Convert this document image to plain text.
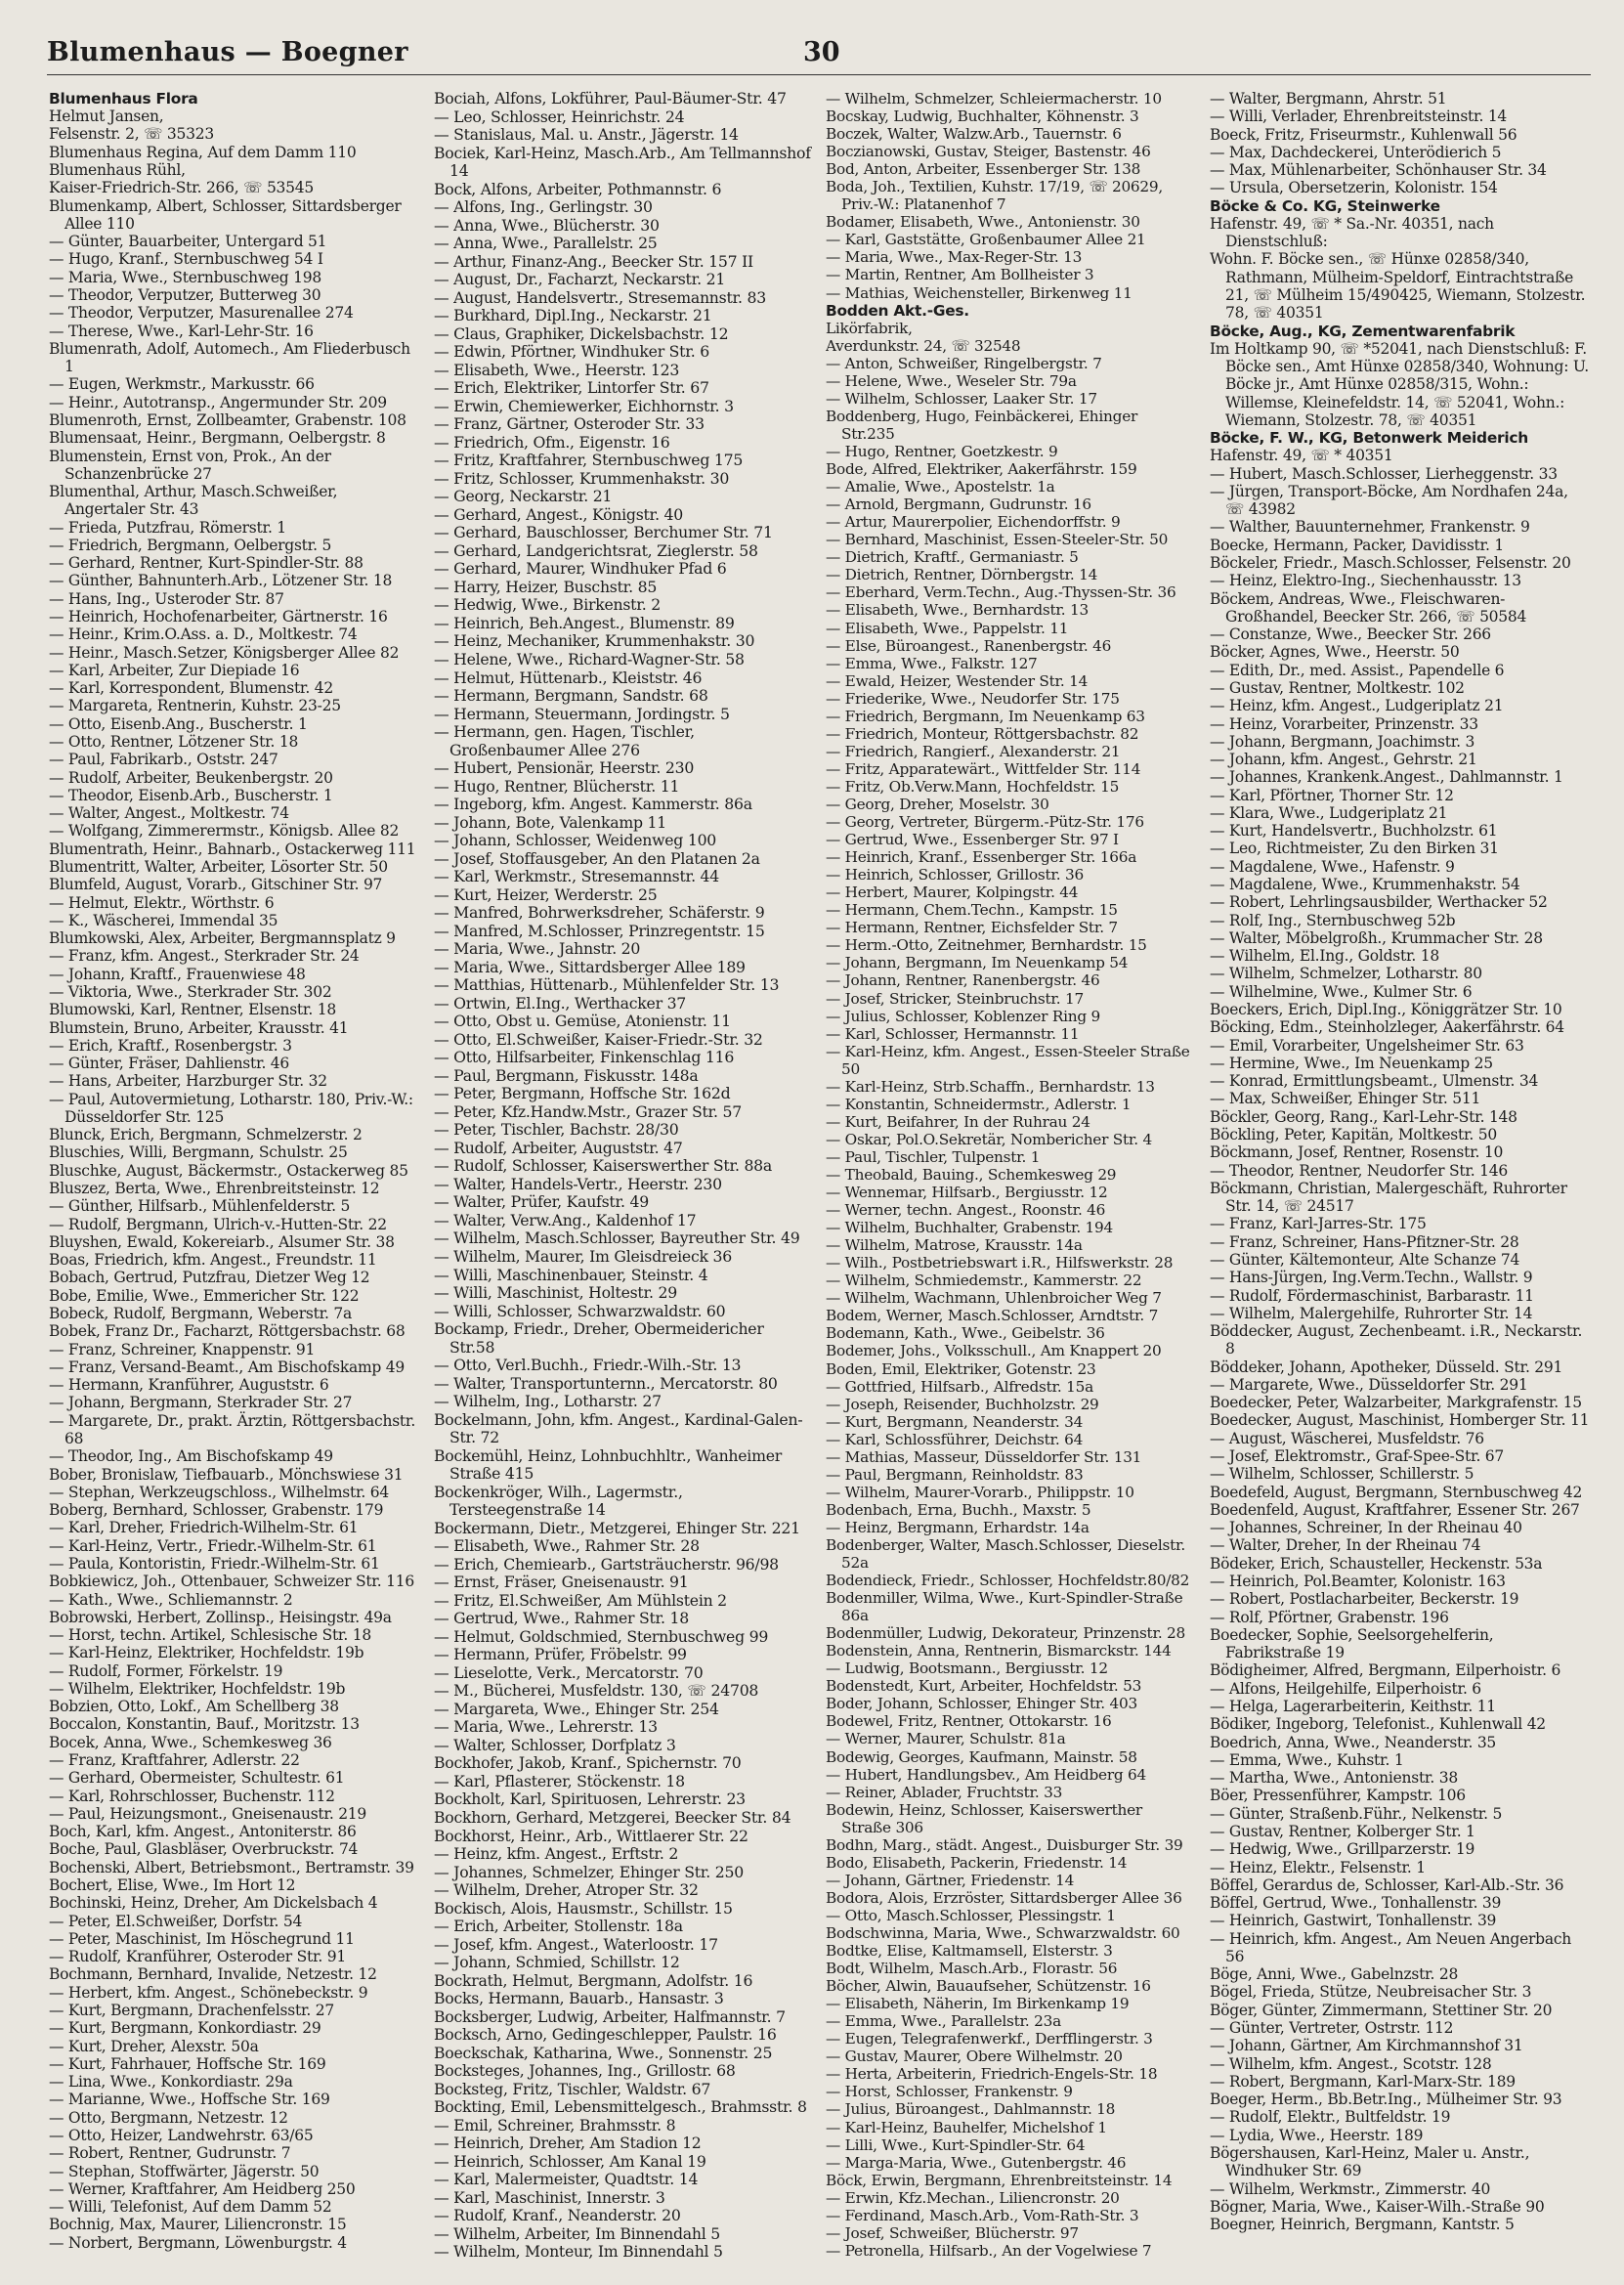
Blumenhaus — Boegner	30
Blumenhaus Flora
Helmut Jansen,
Felsenstr. 2, ☏ 35323
Blumenhaus Regina, Auf dem Damm 110
Blumenhaus Rühl,
Kaiser-Friedrich-Str. 266, ☏ 53545
Blumenkamp, Albert, Schlosser, Sittardsberger Allee 110
— Günter, Bauarbeiter, Untergard 51
— Hugo, Kranf., Sternbuschweg 54 I
— Maria, Wwe., Sternbuschweg 198
— Theodor, Verputzer, Butterweg 30
— Theodor, Verputzer, Masurenallee 274
— Therese, Wwe., Karl-Lehr-Str. 16
Blumenrath, Adolf, Automech., Am Fliederbusch 1
— Eugen, Werkmstr., Markusstr. 66
— Heinr., Autotransp., Angermunder Str. 209
Blumenroth, Ernst, Zollbeamter, Grabenstr. 108
Blumensaat, Heinr., Bergmann, Oelbergstr. 8
Blumenstein, Ernst von, Prok., An der Schanzenbrücke 27
Blumenthal, Arthur, Masch.Schweißer, Angertaler Str. 43
— Frieda, Putzfrau, Römerstr. 1
— Friedrich, Bergmann, Oelbergstr. 5
— Gerhard, Rentner, Kurt-Spindler-Str. 88
— Günther, Bahnunterh.Arb., Lötzener Str. 18
— Hans, Ing., Usteroder Str. 87
— Heinrich, Hochofenarbeiter, Gärtnerstr. 16
— Heinr., Krim.O.Ass. a. D., Moltkestr. 74
— Heinr., Masch.Setzer, Königsberger Allee 82
— Karl, Arbeiter, Zur Diepiade 16
— Karl, Korrespondent, Blumenstr. 42
— Margareta, Rentnerin, Kuhstr. 23-25
— Otto, Eisenb.Ang., Buscherstr. 1
— Otto, Rentner, Lötzener Str. 18
— Paul, Fabrikarb., Oststr. 247
— Rudolf, Arbeiter, Beukenbergstr. 20
— Theodor, Eisenb.Arb., Buscherstr. 1
— Walter, Angest., Moltkestr. 74
— Wolfgang, Zimmerermstr., Königsb. Allee 82
Blumentrath, Heinr., Bahnarb., Ostackerweg 111
Blumentritt, Walter, Arbeiter, Lösorter Str. 50
Blumfeld, August, Vorarb., Gitschiner Str. 97
— Helmut, Elektr., Wörthstr. 6
— K., Wäscherei, Immendal 35
Blumkowski, Alex, Arbeiter, Bergmannsplatz 9
— Franz, kfm. Angest., Sterkrader Str. 24
— Johann, Kraftf., Frauenwiese 48
— Viktoria, Wwe., Sterkrader Str. 302
Blumowski, Karl, Rentner, Elsenstr. 18
Blumstein, Bruno, Arbeiter, Krausstr. 41
— Erich, Kraftf., Rosenbergstr. 3
— Günter, Fräser, Dahlienstr. 46
— Hans, Arbeiter, Harzburger Str. 32
— Paul, Autovermietung, Lotharstr. 180, Priv.-W.: Düsseldorfer Str. 125
Blunck, Erich, Bergmann, Schmelzerstr. 2
Bluschies, Willi, Bergmann, Schulstr. 25
Bluschke, August, Bäckermstr., Ostackerweg 85
Bluszez, Berta, Wwe., Ehrenbreitsteinstr. 12
— Günther, Hilfsarb., Mühlenfelderstr. 5
— Rudolf, Bergmann, Ulrich-v.-Hutten-Str. 22
Bluyshen, Ewald, Kokereiarb., Alsumer Str. 38
Boas, Friedrich, kfm. Angest., Freundstr. 11
Bobach, Gertrud, Putzfrau, Dietzer Weg 12
Bobe, Emilie, Wwe., Emmericher Str. 122
Bobeck, Rudolf, Bergmann, Weberstr. 7a
Bobek, Franz Dr., Facharzt, Röttgersbachstr. 68
— Franz, Schreiner, Knappenstr. 91
— Franz, Versand-Beamt., Am Bischofskamp 49
— Hermann, Kranführer, Auguststr. 6
— Johann, Bergmann, Sterkrader Str. 27
— Margarete, Dr., prakt. Ärztin, Röttgersbachstr. 68
— Theodor, Ing., Am Bischofskamp 49
Bober, Bronislaw, Tiefbauarb., Mönchswiese 31
— Stephan, Werkzeugschloss., Wilhelmstr. 64
Boberg, Bernhard, Schlosser, Grabenstr. 179
— Karl, Dreher, Friedrich-Wilhelm-Str. 61
— Karl-Heinz, Vertr., Friedr.-Wilhelm-Str. 61
— Paula, Kontoristin, Friedr.-Wilhelm-Str. 61
Bobkiewicz, Joh., Ottenbauer, Schweizer Str. 116
— Kath., Wwe., Schliemannstr. 2
Bobrowski, Herbert, Zollinsp., Heisingstr. 49a
— Horst, techn. Artikel, Schlesische Str. 18
— Karl-Heinz, Elektriker, Hochfeldstr. 19b
— Rudolf, Former, Förkelstr. 19
— Wilhelm, Elektriker, Hochfeldstr. 19b
Bobzien, Otto, Lokf., Am Schellberg 38
Boccalon, Konstantin, Bauf., Moritzstr. 13
Bocek, Anna, Wwe., Schemkesweg 36
— Franz, Kraftfahrer, Adlerstr. 22
— Gerhard, Obermeister, Schultestr. 61
— Karl, Rohrschlosser, Buchenstr. 112
— Paul, Heizungsmont., Gneisenaustr. 219
Boch, Karl, kfm. Angest., Antoniterstr. 86
Boche, Paul, Glasbläser, Overbruckstr. 74
Bochenski, Albert, Betriebsmont., Bertramstr. 39
Bochert, Elise, Wwe., Im Hort 12
Bochinski, Heinz, Dreher, Am Dickelsbach 4
— Peter, El.Schweißer, Dorfstr. 54
— Peter, Maschinist, Im Höschegrund 11
— Rudolf, Kranführer, Osteroder Str. 91
Bochmann, Bernhard, Invalide, Netzestr. 12
— Herbert, kfm. Angest., Schönebeckstr. 9
— Kurt, Bergmann, Drachenfelsstr. 27
— Kurt, Bergmann, Konkordiastr. 29
— Kurt, Dreher, Alexstr. 50a
— Kurt, Fahrhauer, Hoffsche Str. 169
— Lina, Wwe., Konkordiastr. 29a
— Marianne, Wwe., Hoffsche Str. 169
— Otto, Bergmann, Netzestr. 12
— Otto, Heizer, Landwehrstr. 63/65
— Robert, Rentner, Gudrunstr. 7
— Stephan, Stoffwärter, Jägerstr. 50
— Werner, Kraftfahrer, Am Heidberg 250
— Willi, Telefonist, Auf dem Damm 52
Bochnig, Max, Maurer, Liliencronstr. 15
— Norbert, Bergmann, Löwenburgstr. 4
Bociah, Alfons, Lokführer, Paul-Bäumer-Str. 47
— Leo, Schlosser, Heinrichstr. 24
— Stanislaus, Mal. u. Anstr., Jägerstr. 14
Bociek, Karl-Heinz, Masch.Arb., Am Tellmannshof 14
Bock, Alfons, Arbeiter, Pothmannstr. 6
— Alfons, Ing., Gerlingstr. 30
— Anna, Wwe., Blücherstr. 30
— Anna, Wwe., Parallelstr. 25
— Arthur, Finanz-Ang., Beecker Str. 157 II
— August, Dr., Facharzt, Neckarstr. 21
— August, Handelsvertr., Stresemannstr. 83
— Burkhard, Dipl.Ing., Neckarstr. 21
— Claus, Graphiker, Dickelsbachstr. 12
— Edwin, Pförtner, Windhuker Str. 6
— Elisabeth, Wwe., Heerstr. 123
— Erich, Elektriker, Lintorfer Str. 67
— Erwin, Chemiewerker, Eichhornstr. 3
— Franz, Gärtner, Osteroder Str. 33
— Friedrich, Ofm., Eigenstr. 16
— Fritz, Kraftfahrer, Sternbuschweg 175
— Fritz, Schlosser, Krummenhakstr. 30
— Georg, Neckarstr. 21
— Gerhard, Angest., Königstr. 40
— Gerhard, Bauschlosser, Berchumer Str. 71
— Gerhard, Landgerichtsrat, Zieglerstr. 58
— Gerhard, Maurer, Windhuker Pfad 6
— Harry, Heizer, Buschstr. 85
— Hedwig, Wwe., Birkenstr. 2
— Heinrich, Beh.Angest., Blumenstr. 89
— Heinz, Mechaniker, Krummenhakstr. 30
— Helene, Wwe., Richard-Wagner-Str. 58
— Helmut, Hüttenarb., Kleiststr. 46
— Hermann, Bergmann, Sandstr. 68
— Hermann, Steuermann, Jordingstr. 5
— Hermann, gen. Hagen, Tischler, Großenbaumer Allee 276
— Hubert, Pensionär, Heerstr. 230
— Hugo, Rentner, Blücherstr. 11
— Ingeborg, kfm. Angest. Kammerstr. 86a
— Johann, Bote, Valenkamp 11
— Johann, Schlosser, Weidenweg 100
— Josef, Stoffausgeber, An den Platanen 2a
— Karl, Werkmstr., Stresemannstr. 44
— Kurt, Heizer, Werderstr. 25
— Manfred, Bohrwerksdreher, Schäferstr. 9
— Manfred, M.Schlosser, Prinzregentstr. 15
— Maria, Wwe., Jahnstr. 20
— Maria, Wwe., Sittardsberger Allee 189
— Matthias, Hüttenarb., Mühlenfelder Str. 13
— Ortwin, El.Ing., Werthacker 37
— Otto, Obst u. Gemüse, Atonienstr. 11
— Otto, El.Schweißer, Kaiser-Friedr.-Str. 32
— Otto, Hilfsarbeiter, Finkenschlag 116
— Paul, Bergmann, Fiskusstr. 148a
— Peter, Bergmann, Hoffsche Str. 162d
— Peter, Kfz.Handw.Mstr., Grazer Str. 57
— Peter, Tischler, Bachstr. 28/30
— Rudolf, Arbeiter, Auguststr. 47
— Rudolf, Schlosser, Kaiserswerther Str. 88a
— Walter, Handels-Vertr., Heerstr. 230
— Walter, Prüfer, Kaufstr. 49
— Walter, Verw.Ang., Kaldenhof 17
— Wilhelm, Masch.Schlosser, Bayreuther Str. 49
— Wilhelm, Maurer, Im Gleisdreieck 36
— Willi, Maschinenbauer, Steinstr. 4
— Willi, Maschinist, Holtestr. 29
— Willi, Schlosser, Schwarzwaldstr. 60
Bockamp, Friedr., Dreher, Obermeidericher Str.58
— Otto, Verl.Buchh., Friedr.-Wilh.-Str. 13
— Walter, Transportunternn., Mercatorstr. 80
— Wilhelm, Ing., Lotharstr. 27
Bockelmann, John, kfm. Angest., Kardinal-Galen-Str. 72
Bockemühl, Heinz, Lohnbuchhltr., Wanheimer Straße 415
Bockenkröger, Wilh., Lagermstr., Tersteegenstraße 14
Bockermann, Dietr., Metzgerei, Ehinger Str. 221
— Elisabeth, Wwe., Rahmer Str. 28
— Erich, Chemiearb., Gartsträucherstr. 96/98
— Ernst, Fräser, Gneisenaustr. 91
— Fritz, El.Schweißer, Am Mühlstein 2
— Gertrud, Wwe., Rahmer Str. 18
— Helmut, Goldschmied, Sternbuschweg 99
— Hermann, Prüfer, Fröbelstr. 99
— Lieselotte, Verk., Mercatorstr. 70
— M., Bücherei, Musfeldstr. 130, ☏ 24708
— Margareta, Wwe., Ehinger Str. 254
— Maria, Wwe., Lehrerstr. 13
— Walter, Schlosser, Dorfplatz 3
Bockhofer, Jakob, Kranf., Spichernstr. 70
— Karl, Pflasterer, Stöckenstr. 18
Bockholt, Karl, Spirituosen, Lehrerstr. 23
Bockhorn, Gerhard, Metzgerei, Beecker Str. 84
Bockhorst, Heinr., Arb., Wittlaerer Str. 22
— Heinz, kfm. Angest., Erftstr. 2
— Johannes, Schmelzer, Ehinger Str. 250
— Wilhelm, Dreher, Atroper Str. 32
Bockisch, Alois, Hausmstr., Schillstr. 15
— Erich, Arbeiter, Stollenstr. 18a
— Josef, kfm. Angest., Waterloostr. 17
— Johann, Schmied, Schillstr. 12
Bockrath, Helmut, Bergmann, Adolfstr. 16
Bocks, Hermann, Bauarb., Hansastr. 3
Bocksberger, Ludwig, Arbeiter, Halfmannstr. 7
Bocksch, Arno, Gedingeschlepper, Paulstr. 16
Boeckschak, Katharina, Wwe., Sonnenstr. 25
Bocksteges, Johannes, Ing., Grillostr. 68
Bocksteg, Fritz, Tischler, Waldstr. 67
Bockting, Emil, Lebensmittelgesch., Brahmsstr. 8
— Emil, Schreiner, Brahmsstr. 8
— Heinrich, Dreher, Am Stadion 12
— Heinrich, Schlosser, Am Kanal 19
— Karl, Malermeister, Quadtstr. 14
— Karl, Maschinist, Innerstr. 3
— Rudolf, Kranf., Neanderstr. 20
— Wilhelm, Arbeiter, Im Binnendahl 5
— Wilhelm, Monteur, Im Binnendahl 5
— Wilhelm, Schmelzer, Schleiermacherstr. 10
Bocskay, Ludwig, Buchhalter, Köhnenstr. 3
Boczek, Walter, Walzw.Arb., Tauernstr. 6
Boczianowski, Gustav, Steiger, Bastenstr. 46
Bod, Anton, Arbeiter, Essenberger Str. 138
Boda, Joh., Textilien, Kuhstr. 17/19, ☏ 20629, Priv.-W.: Platanenhof 7
Bodamer, Elisabeth, Wwe., Antonienstr. 30
— Karl, Gaststätte, Großenbaumer Allee 21
— Maria, Wwe., Max-Reger-Str. 13
— Martin, Rentner, Am Bollheister 3
— Mathias, Weichensteller, Birkenweg 11
Bodden Akt.-Ges.
Likörfabrik,
Averdunkstr. 24, ☏ 32548
— Anton, Schweißer, Ringelbergstr. 7
— Helene, Wwe., Weseler Str. 79a
— Wilhelm, Schlosser, Laaker Str. 17
Boddenberg, Hugo, Feinbäckerei, Ehinger Str.235
— Hugo, Rentner, Goetzkestr. 9
Bode, Alfred, Elektriker, Aakerfährstr. 159
— Amalie, Wwe., Apostelstr. 1a
— Arnold, Bergmann, Gudrunstr. 16
— Artur, Maurerpolier, Eichendorffstr. 9
— Bernhard, Maschinist, Essen-Steeler-Str. 50
— Dietrich, Kraftf., Germaniastr. 5
— Dietrich, Rentner, Dörnbergstr. 14
— Eberhard, Verm.Techn., Aug.-Thyssen-Str. 36
— Elisabeth, Wwe., Bernhardstr. 13
— Elisabeth, Wwe., Pappelstr. 11
— Else, Büroangest., Ranenbergstr. 46
— Emma, Wwe., Falkstr. 127
— Ewald, Heizer, Westender Str. 14
— Friederike, Wwe., Neudorfer Str. 175
— Friedrich, Bergmann, Im Neuenkamp 63
— Friedrich, Monteur, Röttgersbachstr. 82
— Friedrich, Rangierf., Alexanderstr. 21
— Fritz, Apparatewärt., Wittfelder Str. 114
— Fritz, Ob.Verw.Mann, Hochfeldstr. 15
— Georg, Dreher, Moselstr. 30
— Georg, Vertreter, Bürgerm.-Pütz-Str. 176
— Gertrud, Wwe., Essenberger Str. 97 I
— Heinrich, Kranf., Essenberger Str. 166a
— Heinrich, Schlosser, Grillostr. 36
— Herbert, Maurer, Kolpingstr. 44
— Hermann, Chem.Techn., Kampstr. 15
— Hermann, Rentner, Eichsfelder Str. 7
— Herm.-Otto, Zeitnehmer, Bernhardstr. 15
— Johann, Bergmann, Im Neuenkamp 54
— Johann, Rentner, Ranenbergstr. 46
— Josef, Stricker, Steinbruchstr. 17
— Julius, Schlosser, Koblenzer Ring 9
— Karl, Schlosser, Hermannstr. 11
— Karl-Heinz, kfm. Angest., Essen-Steeler Straße 50
— Karl-Heinz, Strb.Schaffn., Bernhardstr. 13
— Konstantin, Schneidermstr., Adlerstr. 1
— Kurt, Beifahrer, In der Ruhrau 24
— Oskar, Pol.O.Sekretär, Nombericher Str. 4
— Paul, Tischler, Tulpenstr. 1
— Theobald, Bauing., Schemkesweg 29
— Wennemar, Hilfsarb., Bergiusstr. 12
— Werner, techn. Angest., Roonstr. 46
— Wilhelm, Buchhalter, Grabenstr. 194
— Wilhelm, Matrose, Krausstr. 14a
— Wilh., Postbetriebswart i.R., Hilfswerkstr. 28
— Wilhelm, Schmiedemstr., Kammerstr. 22
— Wilhelm, Wachmann, Uhlenbroicher Weg 7
Bodem, Werner, Masch.Schlosser, Arndtstr. 7
Bodemann, Kath., Wwe., Geibelstr. 36
Bodemer, Johs., Volksschull., Am Knappert 20
Boden, Emil, Elektriker, Gotenstr. 23
— Gottfried, Hilfsarb., Alfredstr. 15a
— Joseph, Reisender, Buchholzstr. 29
— Kurt, Bergmann, Neanderstr. 34
— Karl, Schlossführer, Deichstr. 64
— Mathias, Masseur, Düsseldorfer Str. 131
— Paul, Bergmann, Reinholdstr. 83
— Wilhelm, Maurer-Vorarb., Philippstr. 10
Bodenbach, Erna, Buchh., Maxstr. 5
— Heinz, Bergmann, Erhardstr. 14a
Bodenberger, Walter, Masch.Schlosser, Dieselstr. 52a
Bodendieck, Friedr., Schlosser, Hochfeldstr.80/82
Bodenmiller, Wilma, Wwe., Kurt-Spindler-Straße 86a
Bodenmüller, Ludwig, Dekorateur, Prinzenstr. 28
Bodenstein, Anna, Rentnerin, Bismarckstr. 144
— Ludwig, Bootsmann., Bergiusstr. 12
Bodenstedt, Kurt, Arbeiter, Hochfeldstr. 53
Boder, Johann, Schlosser, Ehinger Str. 403
Bodewel, Fritz, Rentner, Ottokarstr. 16
— Werner, Maurer, Schulstr. 81a
Bodewig, Georges, Kaufmann, Mainstr. 58
— Hubert, Handlungsbev., Am Heidberg 64
— Reiner, Ablader, Fruchtstr. 33
Bodewin, Heinz, Schlosser, Kaiserswerther Straße 306
Bodhn, Marg., städt. Angest., Duisburger Str. 39
Bodo, Elisabeth, Packerin, Friedenstr. 14
— Johann, Gärtner, Friedenstr. 14
Bodora, Alois, Erzröster, Sittardsberger Allee 36
— Otto, Masch.Schlosser, Plessingstr. 1
Bodschwinna, Maria, Wwe., Schwarzwaldstr. 60
Bodtke, Elise, Kaltmamsell, Elsterstr. 3
Bodt, Wilhelm, Masch.Arb., Florastr. 56
Böcher, Alwin, Bauaufseher, Schützenstr. 16
— Elisabeth, Näherin, Im Birkenkamp 19
— Emma, Wwe., Parallelstr. 23a
— Eugen, Telegrafenwerkf., Derfflingerstr. 3
— Gustav, Maurer, Obere Wilhelmstr. 20
— Herta, Arbeiterin, Friedrich-Engels-Str. 18
— Horst, Schlosser, Frankenstr. 9
— Julius, Büroangest., Dahlmannstr. 18
— Karl-Heinz, Bauhelfer, Michelshof 1
— Lilli, Wwe., Kurt-Spindler-Str. 64
— Marga-Maria, Wwe., Gutenbergstr. 46
Böck, Erwin, Bergmann, Ehrenbreitsteinstr. 14
— Erwin, Kfz.Mechan., Liliencronstr. 20
— Ferdinand, Masch.Arb., Vom-Rath-Str. 3
— Josef, Schweißer, Blücherstr. 97
— Petronella, Hilfsarb., An der Vogelwiese 7
— Walter, Bergmann, Ahrstr. 51
— Willi, Verlader, Ehrenbreitsteinstr. 14
Boeck, Fritz, Friseurmstr., Kuhlenwall 56
— Max, Dachdeckerei, Unterödierich 5
— Max, Mühlenarbeiter, Schönhauser Str. 34
— Ursula, Obersetzerin, Kolonistr. 154
Böcke & Co. KG, Steinwerke
Hafenstr. 49, ☏ * Sa.-Nr. 40351, nach Dienstschluß:
Wohn. F. Böcke sen., ☏ Hünxe 02858/340, Rathmann, Mülheim-Speldorf, Eintrachtstraße 21, ☏ Mülheim 15/490425, Wiemann, Stolzestr. 78, ☏ 40351
Böcke, Aug., KG, Zementwarenfabrik
Im Holtkamp 90, ☏ *52041, nach Dienstschluß: F. Böcke sen., Amt Hünxe 02858/340, Wohnung: U. Böcke jr., Amt Hünxe 02858/315, Wohn.: Willemse, Kleinefeldstr. 14, ☏ 52041, Wohn.: Wiemann, Stolzestr. 78, ☏ 40351
Böcke, F. W., KG, Betonwerk Meiderich
Hafenstr. 49, ☏ * 40351
— Hubert, Masch.Schlosser, Lierheggenstr. 33
— Jürgen, Transport-Böcke, Am Nordhafen 24a, ☏ 43982
— Walther, Bauunternehmer, Frankenstr. 9
Boecke, Hermann, Packer, Davidisstr. 1
Böckeler, Friedr., Masch.Schlosser, Felsenstr. 20
— Heinz, Elektro-Ing., Siechenhausstr. 13
Böckem, Andreas, Wwe., Fleischwaren-Großhandel, Beecker Str. 266, ☏ 50584
— Constanze, Wwe., Beecker Str. 266
Böcker, Agnes, Wwe., Heerstr. 50
— Edith, Dr., med. Assist., Papendelle 6
— Gustav, Rentner, Moltkestr. 102
— Heinz, kfm. Angest., Ludgeriplatz 21
— Heinz, Vorarbeiter, Prinzenstr. 33
— Johann, Bergmann, Joachimstr. 3
— Johann, kfm. Angest., Gehrstr. 21
— Johannes, Krankenk.Angest., Dahlmannstr. 1
— Karl, Pförtner, Thorner Str. 12
— Klara, Wwe., Ludgeriplatz 21
— Kurt, Handelsvertr., Buchholzstr. 61
— Leo, Richtmeister, Zu den Birken 31
— Magdalene, Wwe., Hafenstr. 9
— Magdalene, Wwe., Krummenhakstr. 54
— Robert, Lehrlingsausbilder, Werthacker 52
— Rolf, Ing., Sternbuschweg 52b
— Walter, Möbelgroßh., Krummacher Str. 28
— Wilhelm, El.Ing., Goldstr. 18
— Wilhelm, Schmelzer, Lotharstr. 80
— Wilhelmine, Wwe., Kulmer Str. 6
Boeckers, Erich, Dipl.Ing., Königgrätzer Str. 10
Böcking, Edm., Steinholzleger, Aakerfährstr. 64
— Emil, Vorarbeiter, Ungelsheimer Str. 63
— Hermine, Wwe., Im Neuenkamp 25
— Konrad, Ermittlungsbeamt., Ulmenstr. 34
— Max, Schweißer, Ehinger Str. 511
Böckler, Georg, Rang., Karl-Lehr-Str. 148
Böckling, Peter, Kapitän, Moltkestr. 50
Böckmann, Josef, Rentner, Rosenstr. 10
— Theodor, Rentner, Neudorfer Str. 146
Böckmann, Christian, Malergeschäft, Ruhrorter Str. 14, ☏ 24517
— Franz, Karl-Jarres-Str. 175
— Franz, Schreiner, Hans-Pfitzner-Str. 28
— Günter, Kältemonteur, Alte Schanze 74
— Hans-Jürgen, Ing.Verm.Techn., Wallstr. 9
— Rudolf, Fördermaschinist, Barbarastr. 11
— Wilhelm, Malergehilfe, Ruhrorter Str. 14
Böddecker, August, Zechenbeamt. i.R., Neckarstr. 8
Böddeker, Johann, Apotheker, Düsseld. Str. 291
— Margarete, Wwe., Düsseldorfer Str. 291
Boedecker, Peter, Walzarbeiter, Markgrafenstr. 15
Boedecker, August, Maschinist, Homberger Str. 11
— August, Wäscherei, Musfeldstr. 76
— Josef, Elektromstr., Graf-Spee-Str. 67
— Wilhelm, Schlosser, Schillerstr. 5
Boedefeld, August, Bergmann, Sternbuschweg 42
Boedenfeld, August, Kraftfahrer, Essener Str. 267
— Johannes, Schreiner, In der Rheinau 40
— Walter, Dreher, In der Rheinau 74
Bödeker, Erich, Schausteller, Heckenstr. 53a
— Heinrich, Pol.Beamter, Kolonistr. 163
— Robert, Postlacharbeiter, Beckerstr. 19
— Rolf, Pförtner, Grabenstr. 196
Boedecker, Sophie, Seelsorgehelferin, Fabrikstraße 19
Bödigheimer, Alfred, Bergmann, Eilperhoistr. 6
— Alfons, Heilgehilfe, Eilperhoistr. 6
— Helga, Lagerarbeiterin, Keithstr. 11
Bödiker, Ingeborg, Telefonist., Kuhlenwall 42
Boedrich, Anna, Wwe., Neanderstr. 35
— Emma, Wwe., Kuhstr. 1
— Martha, Wwe., Antonienstr. 38
Böer, Pressenführer, Kampstr. 106
— Günter, Straßenb.Führ., Nelkenstr. 5
— Gustav, Rentner, Kolberger Str. 1
— Hedwig, Wwe., Grillparzerstr. 19
— Heinz, Elektr., Felsenstr. 1
Böffel, Gerardus de, Schlosser, Karl-Alb.-Str. 36
Böffel, Gertrud, Wwe., Tonhallenstr. 39
— Heinrich, Gastwirt, Tonhallenstr. 39
— Heinrich, kfm. Angest., Am Neuen Angerbach 56
Böge, Anni, Wwe., Gabelnzstr. 28
Bögel, Frieda, Stütze, Neubreisacher Str. 3
Böger, Günter, Zimmermann, Stettiner Str. 20
— Günter, Vertreter, Ostrstr. 112
— Johann, Gärtner, Am Kirchmannshof 31
— Wilhelm, kfm. Angest., Scotstr. 128
— Robert, Bergmann, Karl-Marx-Str. 189
Boeger, Herm., Bb.Betr.Ing., Mülheimer Str. 93
— Rudolf, Elektr., Bultfeldstr. 19
— Lydia, Wwe., Heerstr. 189
Bögershausen, Karl-Heinz, Maler u. Anstr., Windhuker Str. 69
— Wilhelm, Werkmstr., Zimmerstr. 40
Bögner, Maria, Wwe., Kaiser-Wilh.-Straße 90
Boegner, Heinrich, Bergmann, Kantstr. 5
